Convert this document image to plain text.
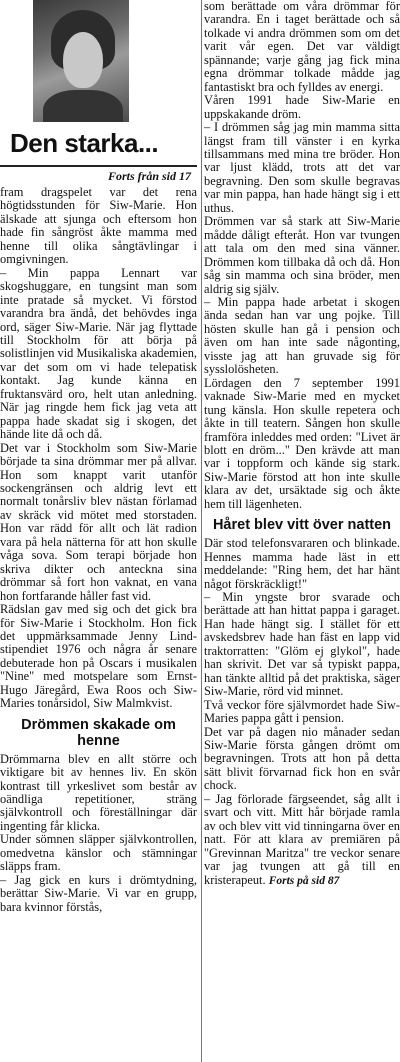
Den starka...
Forts från sid 17

fram dragspelet var det rena högtidsstunden för Siw-Marie. Hon älskade att sjunga och eftersom hon hade fin sångröst åkte mamma med henne till olika sångtävlingar i omgivningen.

– Min pappa Lennart var skogshuggare, en tungsint man som inte pratade så mycket. Vi förstod varandra bra ändå, det behövdes inga ord, säger Siw-Marie. När jag flyttade till Stockholm för att börja på solistlinjen vid Musikaliska akademien, var det som om vi hade telepatisk kontakt. Jag kunde känna en fruktansvärd oro, helt utan anledning. När jag ringde hem fick jag veta att pappa hade skadat sig i skogen, det hände lite då och då.

Det var i Stockholm som Siw-Marie började ta sina drömmar mer på allvar. Hon som knappt varit utanför sockengränsen och aldrig levt ett normalt tonårsliv blev nästan förlamad av skräck vid mötet med storstaden. Hon var rädd för allt och lät radion vara på hela nätterna för att hon skulle våga sova. Som terapi började hon skriva dikter och anteckna sina drömmar så fort hon vaknat, en vana hon fortfarande håller fast vid.

Rädslan gav med sig och det gick bra för Siw-Marie i Stockholm. Hon fick det uppmärksammade Jenny Lind-stipendiet 1976 och några år senare debuterade hon på Oscars i musikalen "Nine" med motspelare som Ernst-Hugo Järegård, Ewa Roos och Siw-Maries tonårsidol, Siw Malmkvist.

Drömmen skakade om henne

Drömmarna blev en allt större och viktigare bit av hennes liv. En skön kontrast till yrkeslivet som består av oändliga repetitioner, sträng självkontroll och föreställningar där ingenting får klicka.

Under sömnen släpper självkontrollen, omedvetna känslor och stämningar släpps fram.

– Jag gick en kurs i drömtydning, berättar Siw-Marie. Vi var en grupp, bara kvinnor förstås,

som berättade om våra drömmar för varandra. En i taget berättade och så tolkade vi andra drömmen som om det varit vår egen. Det var väldigt spännande; varje gång jag fick mina egna drömmar tolkade mådde jag fantastiskt bra och fylldes av energi.

Våren 1991 hade Siw-Marie en uppskakande dröm.

– I drömmen såg jag min mamma sitta längst fram till vänster i en kyrka tillsammans med mina tre bröder. Hon var ljust klädd, trots att det var begravning. Den som skulle begravas var min pappa, han hade hängt sig i ett uthus.

Drömmen var så stark att Siw-Marie mådde dåligt efteråt. Hon var tvungen att tala om den med sina vänner. Drömmen kom tillbaka då och då. Hon såg sin mamma och sina bröder, men aldrig sig själv.

– Min pappa hade arbetat i skogen ända sedan han var ung pojke. Till hösten skulle han gå i pension och även om han inte sade någonting, visste jag att han gruvade sig för sysslolösheten.

Lördagen den 7 september 1991 vaknade Siw-Marie med en mycket tung känsla. Hon skulle repetera och åkte in till teatern. Sången hon skulle framföra inleddes med orden: "Livet är blott en dröm..." Den krävde att man var i toppform och kände sig stark. Siw-Marie förstod att hon inte skulle klara av det, ursäktade sig och åkte hem till lägenheten.

Håret blev vitt över natten

Där stod telefonsvararen och blinkade. Hennes mamma hade läst in ett meddelande: "Ring hem, det har hänt något förskräckligt!"

– Min yngste bror svarade och berättade att han hittat pappa i garaget. Han hade hängt sig. I stället för ett avskedsbrev hade han fäst en lapp vid traktorratten: "Glöm ej glykol", hade han skrivit. Det var så typiskt pappa, han tänkte alltid på det praktiska, säger Siw-Marie, rörd vid minnet.

Två veckor före självmordet hade Siw-Maries pappa gått i pension.

Det var på dagen nio månader sedan Siw-Marie första gången drömt om begravningen. Trots att hon på detta sätt blivit förvarnad fick hon en svår chock.

– Jag förlorade färgseendet, såg allt i svart och vitt. Mitt hår började ramla av och blev vitt vid tinningarna över en natt. För att klara av premiären på "Grevinnan Maritza" tre veckor senare var jag tvungen att gå till en kristerapeut. Forts på sid 87
